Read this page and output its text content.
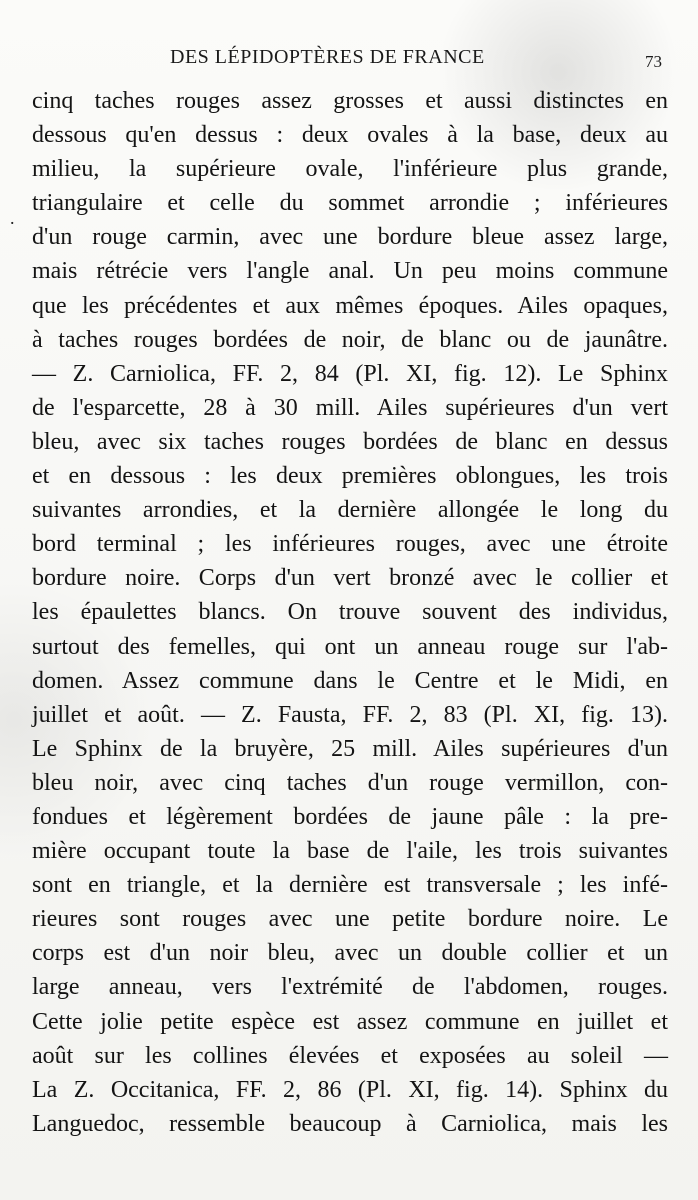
DES LÉPIDOPTÈRES DE FRANCE	73
.
cinq taches rouges assez grosses et aussi distinctes en
dessous qu'en dessus : deux ovales à la base, deux au
milieu, la supérieure ovale, l'inférieure plus grande,
triangulaire et celle du sommet arrondie ; inférieures
d'un rouge carmin, avec une bordure bleue assez large,
mais rétrécie vers l'angle anal. Un peu moins commune
que les précédentes et aux mêmes époques. Ailes opaques,
à taches rouges bordées de noir, de blanc ou de jaunâtre.
— Z. Carniolica, FF. 2, 84 (Pl. XI, fig. 12). Le Sphinx
de l'esparcette, 28 à 30 mill. Ailes supérieures d'un vert
bleu, avec six taches rouges bordées de blanc en dessus
et en dessous : les deux premières oblongues, les trois
suivantes arrondies, et la dernière allongée le long du
bord terminal ; les inférieures rouges, avec une étroite
bordure noire. Corps d'un vert bronzé avec le collier et
les épaulettes blancs. On trouve souvent des individus,
surtout des femelles, qui ont un anneau rouge sur l'ab-
domen. Assez commune dans le Centre et le Midi, en
juillet et août. — Z. Fausta, FF. 2, 83 (Pl. XI, fig. 13).
Le Sphinx de la bruyère, 25 mill. Ailes supérieures d'un
bleu noir, avec cinq taches d'un rouge vermillon, con-
fondues et légèrement bordées de jaune pâle : la pre-
mière occupant toute la base de l'aile, les trois suivantes
sont en triangle, et la dernière est transversale ; les infé-
rieures sont rouges avec une petite bordure noire. Le
corps est d'un noir bleu, avec un double collier et un
large anneau, vers l'extrémité de l'abdomen, rouges.
Cette jolie petite espèce est assez commune en juillet et
août sur les collines élevées et exposées au soleil —
La Z. Occitanica, FF. 2, 86 (Pl. XI, fig. 14). Sphinx du
Languedoc, ressemble beaucoup à Carniolica, mais les
